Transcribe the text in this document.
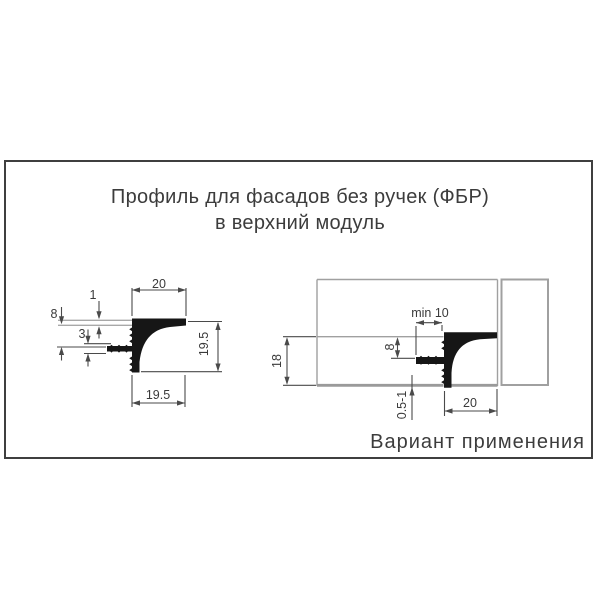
Профиль для фасадов без ручек (ФБР)
в верхний модуль
20
1
8
3	19.5
19.5
min 10
8
18
0.5-1	20
Вариант применения
